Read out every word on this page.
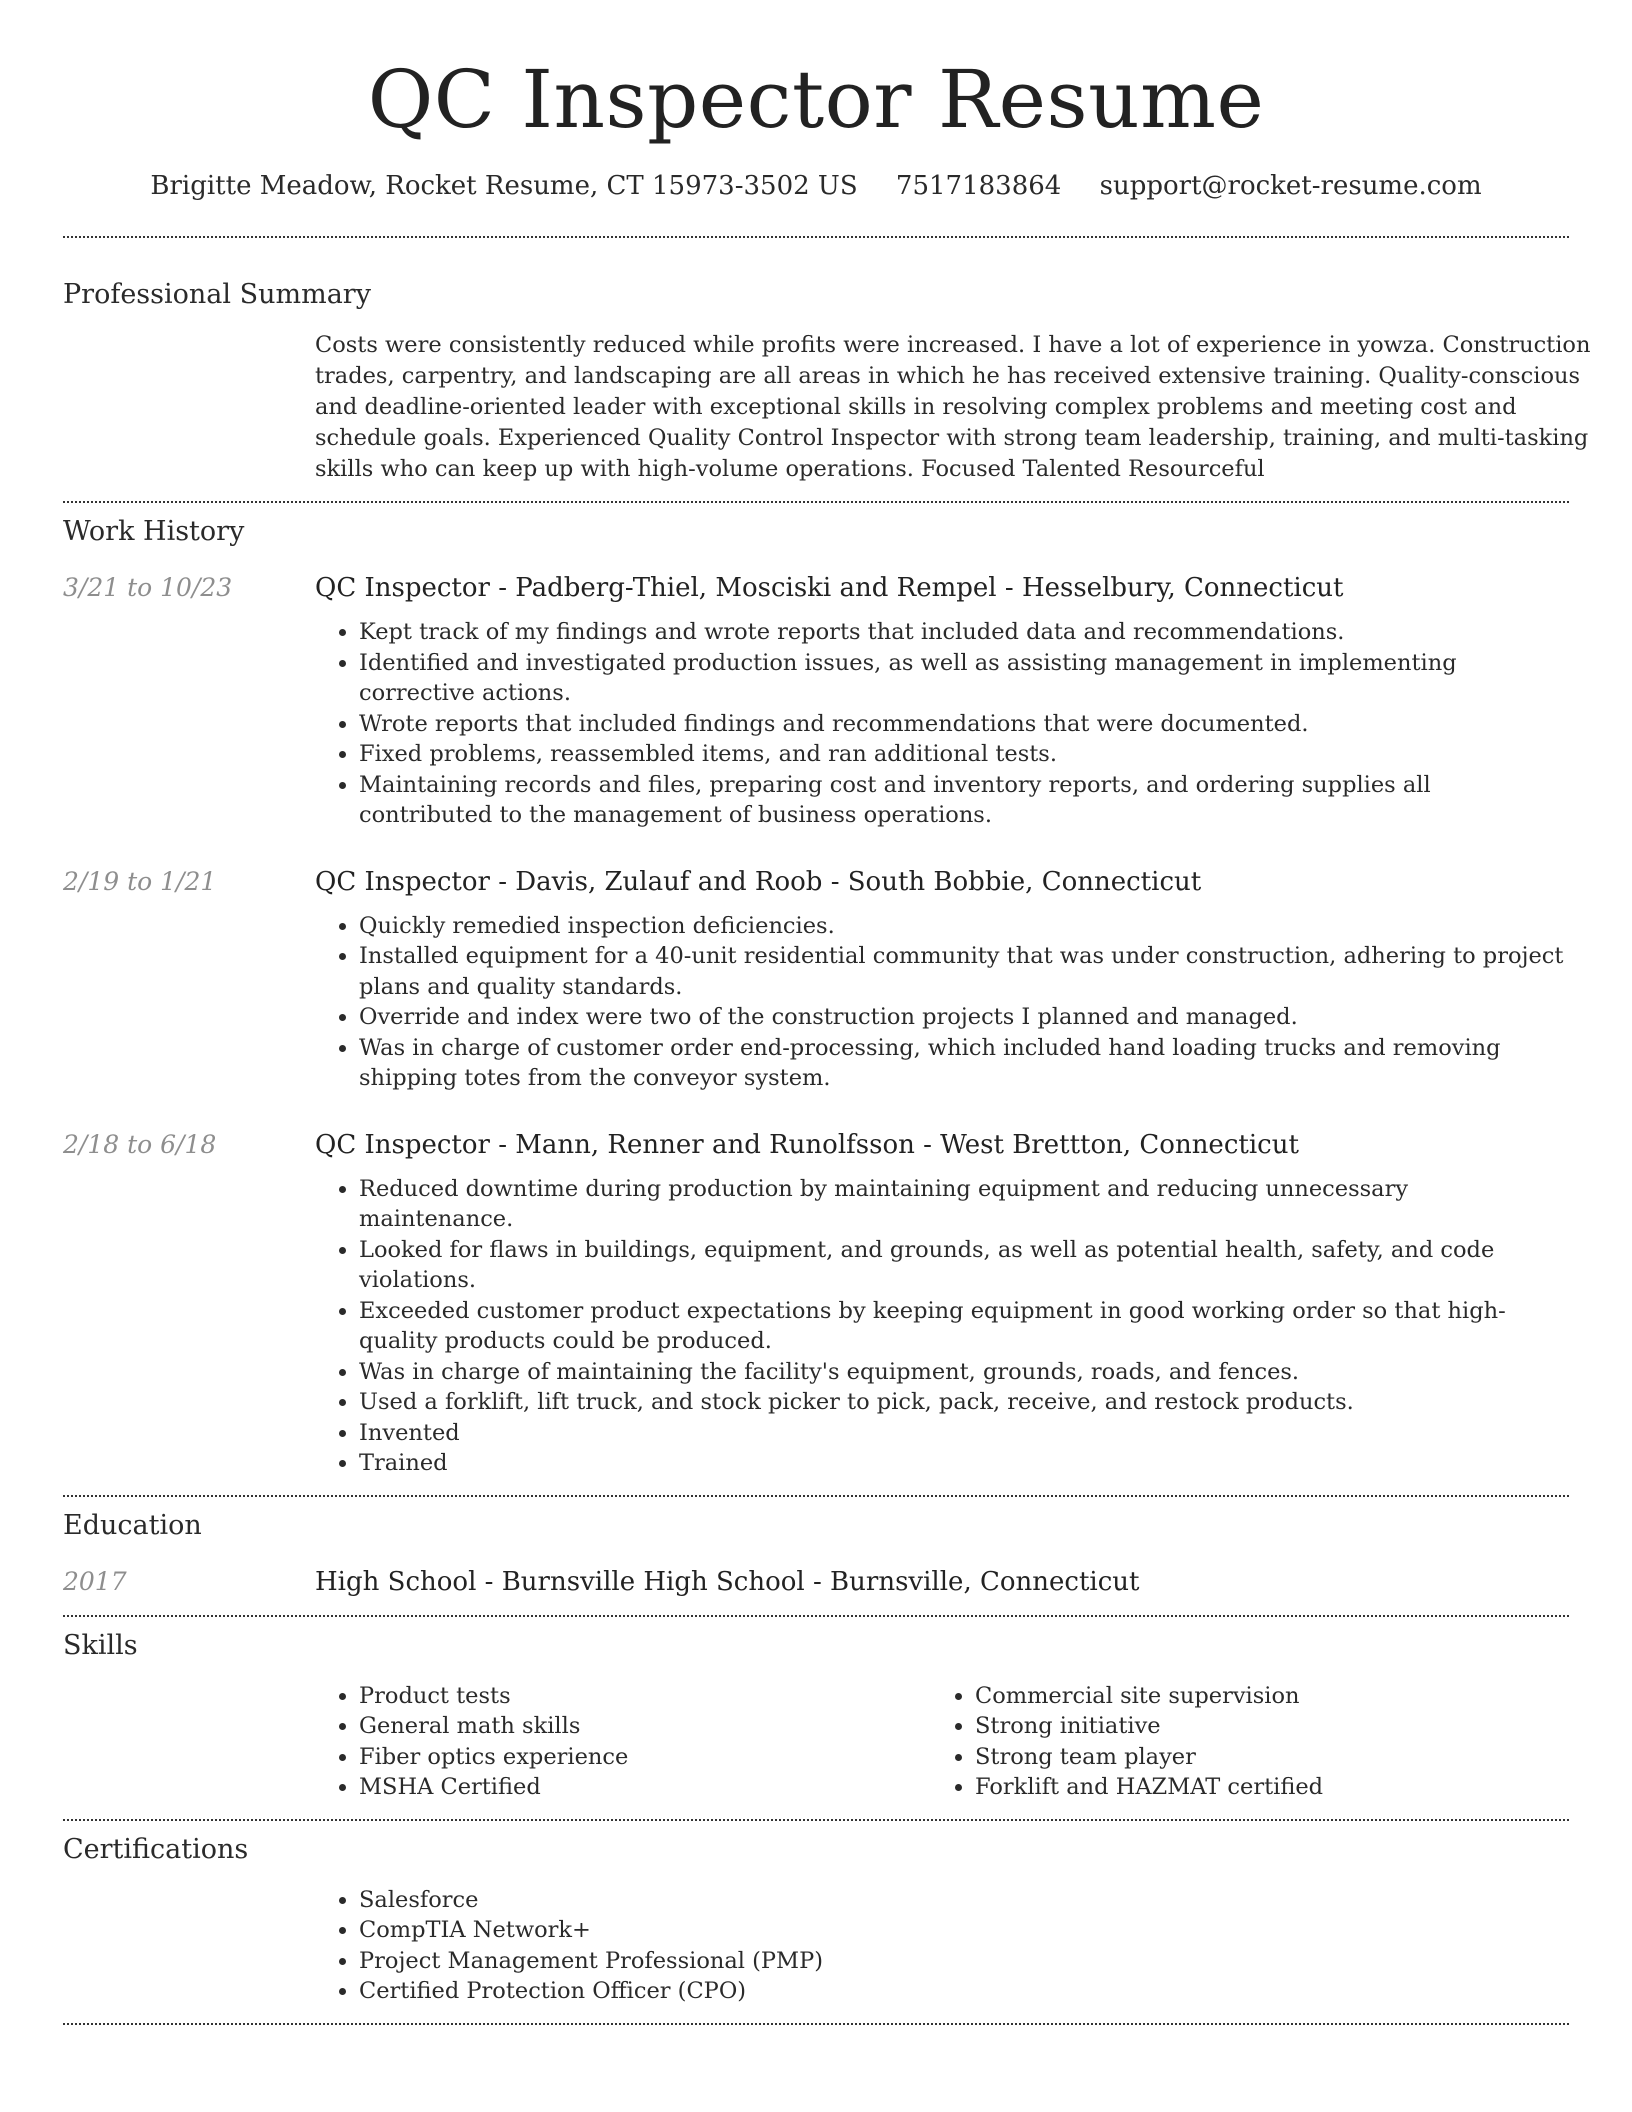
QC Inspector Resume
Brigitte Meadow, Rocket Resume, CT 15973-3502 US 7517183864 support@rocket-resume.com
Professional Summary
Costs were consistently reduced while profits were increased. I have a lot of experience in yowza. Construction trades, carpentry, and landscaping are all areas in which he has received extensive training. Quality-conscious and deadline-oriented leader with exceptional skills in resolving complex problems and meeting cost and schedule goals. Experienced Quality Control Inspector with strong team leadership, training, and multi-tasking skills who can keep up with high-volume operations. Focused Talented Resourceful
Work History
3/21 to 10/23	QC Inspector - Padberg-Thiel, Mosciski and Rempel - Hesselbury, Connecticut
• Kept track of my findings and wrote reports that included data and recommendations.
• Identified and investigated production issues, as well as assisting management in implementing corrective actions.
• Wrote reports that included findings and recommendations that were documented.
• Fixed problems, reassembled items, and ran additional tests.
• Maintaining records and files, preparing cost and inventory reports, and ordering supplies all contributed to the management of business operations.
2/19 to 1/21	QC Inspector - Davis, Zulauf and Roob - South Bobbie, Connecticut
• Quickly remedied inspection deficiencies.
• Installed equipment for a 40-unit residential community that was under construction, adhering to project plans and quality standards.
• Override and index were two of the construction projects I planned and managed.
• Was in charge of customer order end-processing, which included hand loading trucks and removing shipping totes from the conveyor system.
2/18 to 6/18	QC Inspector - Mann, Renner and Runolfsson - West Brettton, Connecticut
• Reduced downtime during production by maintaining equipment and reducing unnecessary maintenance.
• Looked for flaws in buildings, equipment, and grounds, as well as potential health, safety, and code violations.
• Exceeded customer product expectations by keeping equipment in good working order so that high-quality products could be produced.
• Was in charge of maintaining the facility's equipment, grounds, roads, and fences.
• Used a forklift, lift truck, and stock picker to pick, pack, receive, and restock products.
• Invented
• Trained
Education
2017	High School - Burnsville High School - Burnsville, Connecticut
Skills
• Product tests
• General math skills
• Fiber optics experience
• MSHA Certified
• Commercial site supervision
• Strong initiative
• Strong team player
• Forklift and HAZMAT certified
Certifications
• Salesforce
• CompTIA Network+
• Project Management Professional (PMP)
• Certified Protection Officer (CPO)
